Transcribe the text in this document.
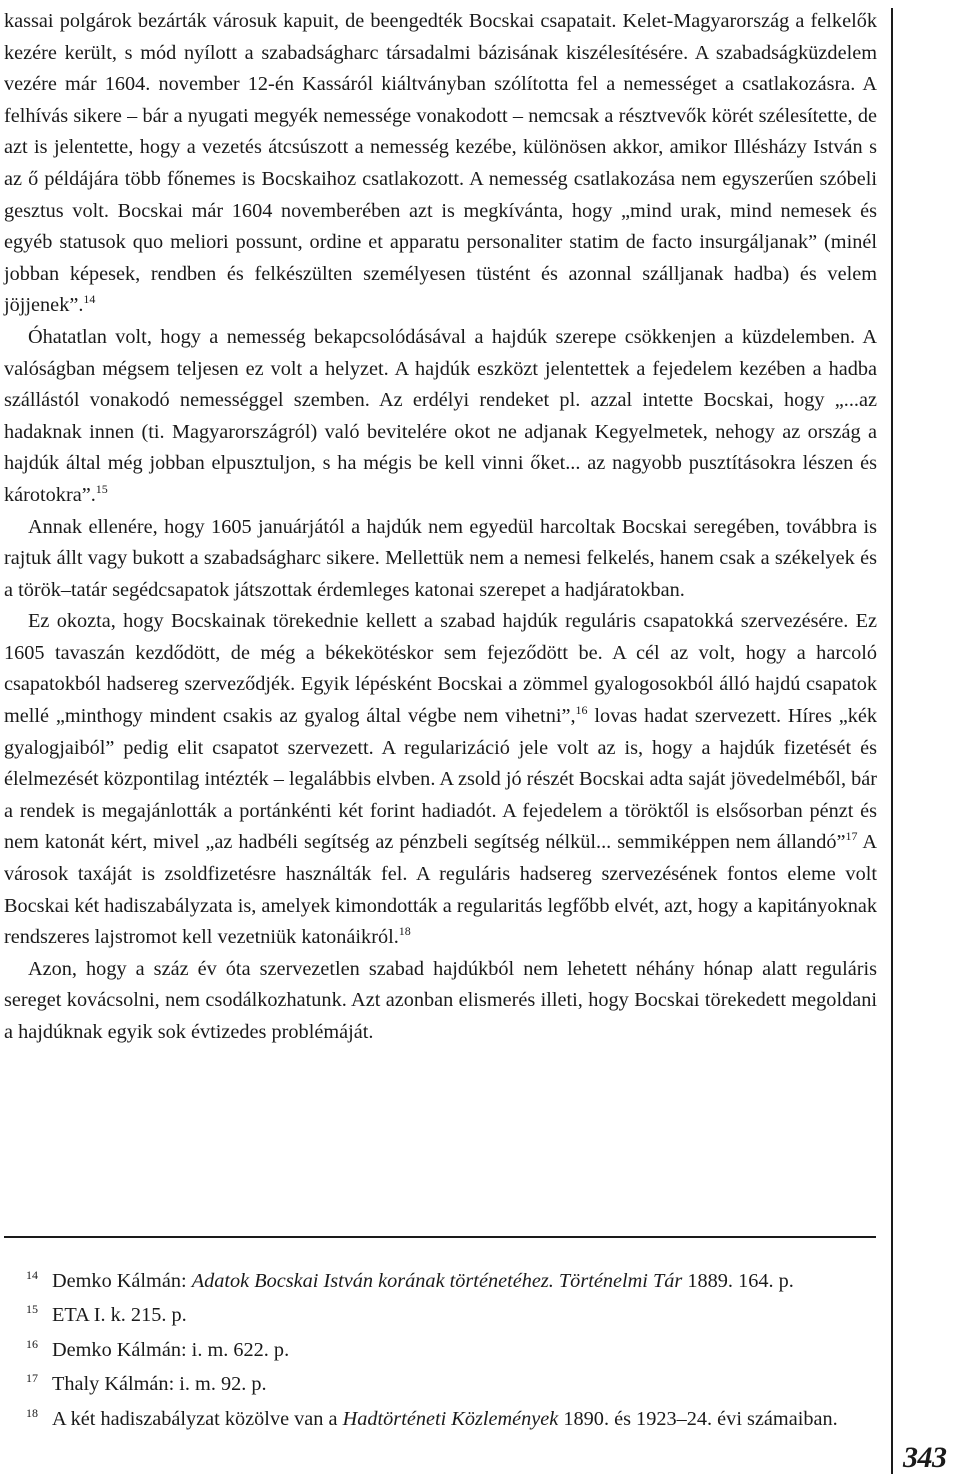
kassai polgárok bezárták városuk kapuit, de beengedték Bocskai csapatait. Kelet-Magyarország a felkelők kezére került, s mód nyílott a szabadságharc társadalmi bázisának kiszélesítésére. A szabadságküzdelem vezére már 1604. november 12-én Kassáról kiáltványban szólította fel a nemességet a csatlakozásra. A felhívás sikere – bár a nyugati megyék nemessége vonakodott – nemcsak a résztvevők körét szélesítette, de azt is jelentette, hogy a vezetés átcsúszott a nemesség kezébe, különösen akkor, amikor Illésházy István s az ő példájára több főnemes is Bocskaihoz csatlakozott. A nemesség csatlakozása nem egyszerűen szóbeli gesztus volt. Bocskai már 1604 novemberében azt is megkívánta, hogy „mind urak, mind nemesek és egyéb statusok quo meliori possunt, ordine et apparatu personaliter statim de facto insurgáljanak” (minél jobban képesek, rendben és felkészülten személyesen tüstént és azonnal szálljanak hadba) és velem jöjjenek”.$^{14}$

Óhatatlan volt, hogy a nemesség bekapcsolódásával a hajdúk szerepe csökkenjen a küzdelemben. A valóságban mégsem teljesen ez volt a helyzet. A hajdúk eszközt jelentettek a fejedelem kezében a hadba szállástól vonakodó nemességgel szemben. Az erdélyi rendeket pl. azzal intette Bocskai, hogy „...az hadaknak innen (ti. Magyarországról) való bevitelére okot ne adjanak Kegyelmetek, nehogy az ország a hajdúk által még jobban elpusztuljon, s ha mégis be kell vinni őket... az nagyobb pusztításokra lészen és károtokra”.$^{15}$

Annak ellenére, hogy 1605 januárjától a hajdúk nem egyedül harcoltak Bocskai seregében, továbbra is rajtuk állt vagy bukott a szabadságharc sikere. Mellettük nem a nemesi felkelés, hanem csak a székelyek és a török–tatár segédcsapatok játszottak érdemleges katonai szerepet a hadjáratokban.

Ez okozta, hogy Bocskainak törekednie kellett a szabad hajdúk reguláris csapatokká szervezésére. Ez 1605 tavaszán kezdődött, de még a békekötéskor sem fejeződött be. A cél az volt, hogy a harcoló csapatokból hadsereg szerveződjék. Egyik lépésként Bocskai a zömmel gyalogosokból álló hajdú csapatok mellé „minthogy mindent csakis az gyalog által végbe nem vihetni”,$^{16}$ lovas hadat szervezett. Híres „kék gyalogjaiból” pedig elit csapatot szervezett. A regularizáció jele volt az is, hogy a hajdúk fizetését és élelmezését központilag intézték – legalábbis elvben. A zsold jó részét Bocskai adta saját jövedelméből, bár a rendek is megajánlották a portánkénti két forint hadiadót. A fejedelem a töröktől is elsősorban pénzt és nem katonát kért, mivel „az hadbéli segítség az pénzbeli segítség nélkül... semmiképpen nem állandó”$^{17}$ A városok taxáját is zsoldfizetésre használták fel. A reguláris hadsereg szervezésének fontos eleme volt Bocskai két hadiszabályzata is, amelyek kimondották a regularitás legfőbb elvét, azt, hogy a kapitányoknak rendszeres lajstromot kell vezetniük katonáikról.$^{18}$

Azon, hogy a száz év óta szervezetlen szabad hajdúkból nem lehetett néhány hónap alatt reguláris sereget kovácsolni, nem csodálkozhatunk. Azt azonban elismerés illeti, hogy Bocskai törekedett megoldani a hajdúknak egyik sok évtizedes problémáját.

14 Demko Kálmán: Adatok Bocskai István korának történetéhez. Történelmi Tár 1889. 164. p.

15 ETA I. k. 215. p.

16 Demko Kálmán: i. m. 622. p.

17 Thaly Kálmán: i. m. 92. p.

18 A két hadiszabályzat közölve van a Hadtörténeti Közlemények 1890. és 1923–24. évi számaiban.

343
